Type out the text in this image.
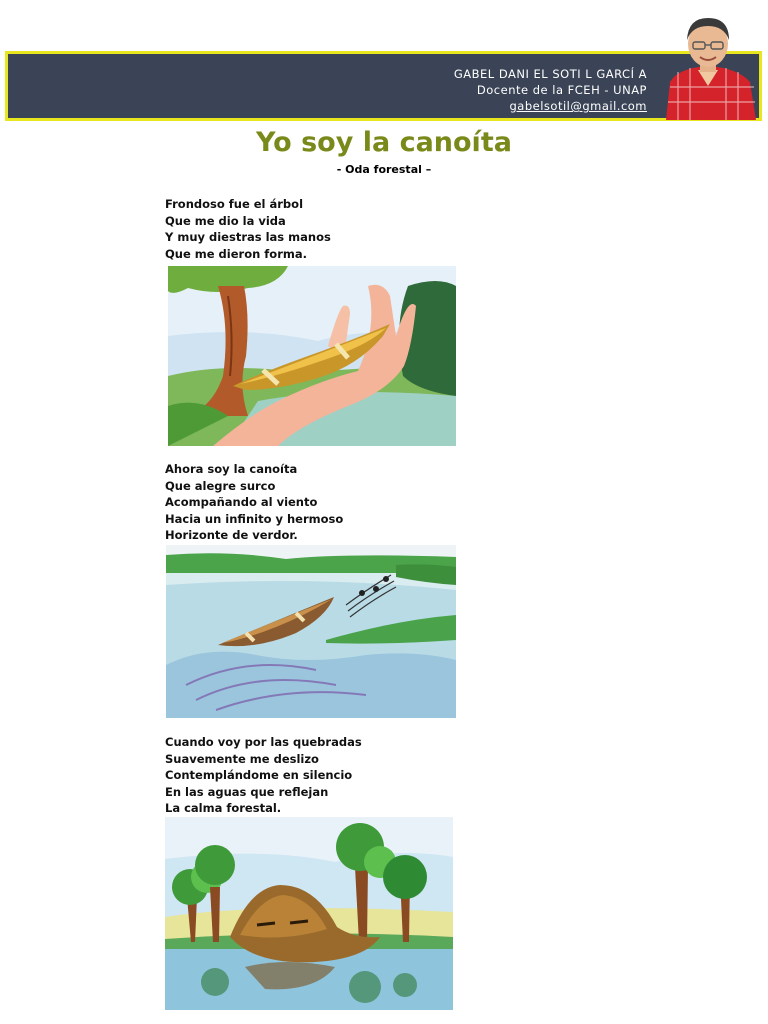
GABEL DANI EL SOTI L GARCÍ A
Docente de la FCEH - UNAP
gabelsotil@gmail.com
Yo soy la canoíta
- Oda forestal –
Frondoso fue el árbol
Que me dio la vida
Y muy diestras las manos
Que me dieron forma.
Ahora soy la canoíta
Que alegre surco
Acompañando al viento
Hacia un infinito y hermoso
Horizonte de verdor.
Cuando voy por las quebradas
Suavemente me deslizo
Contemplándome en silencio
En las aguas que reflejan
La calma forestal.
